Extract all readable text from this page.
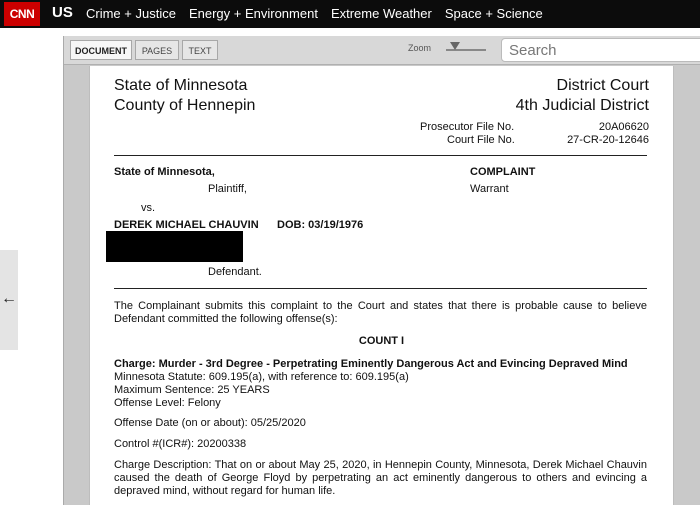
CNN	US Crime + Justice Energy + Environment Extreme Weather Space + Science
←
DOCUMENT	PAGES	TEXT	Zoom
Search
State of Minnesota
County of Hennepin
District Court
4th Judicial District
Prosecutor File No.	20A06620
Court File No.	27-CR-20-12646
State of Minnesota,
Plaintiff,
COMPLAINT
Warrant
vs.
DEREK MICHAEL CHAUVIN DOB: 03/19/1976
Defendant.
The Complainant submits this complaint to the Court and states that there is probable cause to believe Defendant committed the following offense(s):
COUNT I
Charge: Murder - 3rd Degree - Perpetrating Eminently Dangerous Act and Evincing Depraved Mind
Minnesota Statute: 609.195(a), with reference to: 609.195(a)
Maximum Sentence: 25 YEARS
Offense Level: Felony
Offense Date (on or about): 05/25/2020
Control #(ICR#): 20200338
Charge Description: That on or about May 25, 2020, in Hennepin County, Minnesota, Derek Michael Chauvin caused the death of George Floyd by perpetrating an act eminently dangerous to others and evincing a depraved mind, without regard for human life.
